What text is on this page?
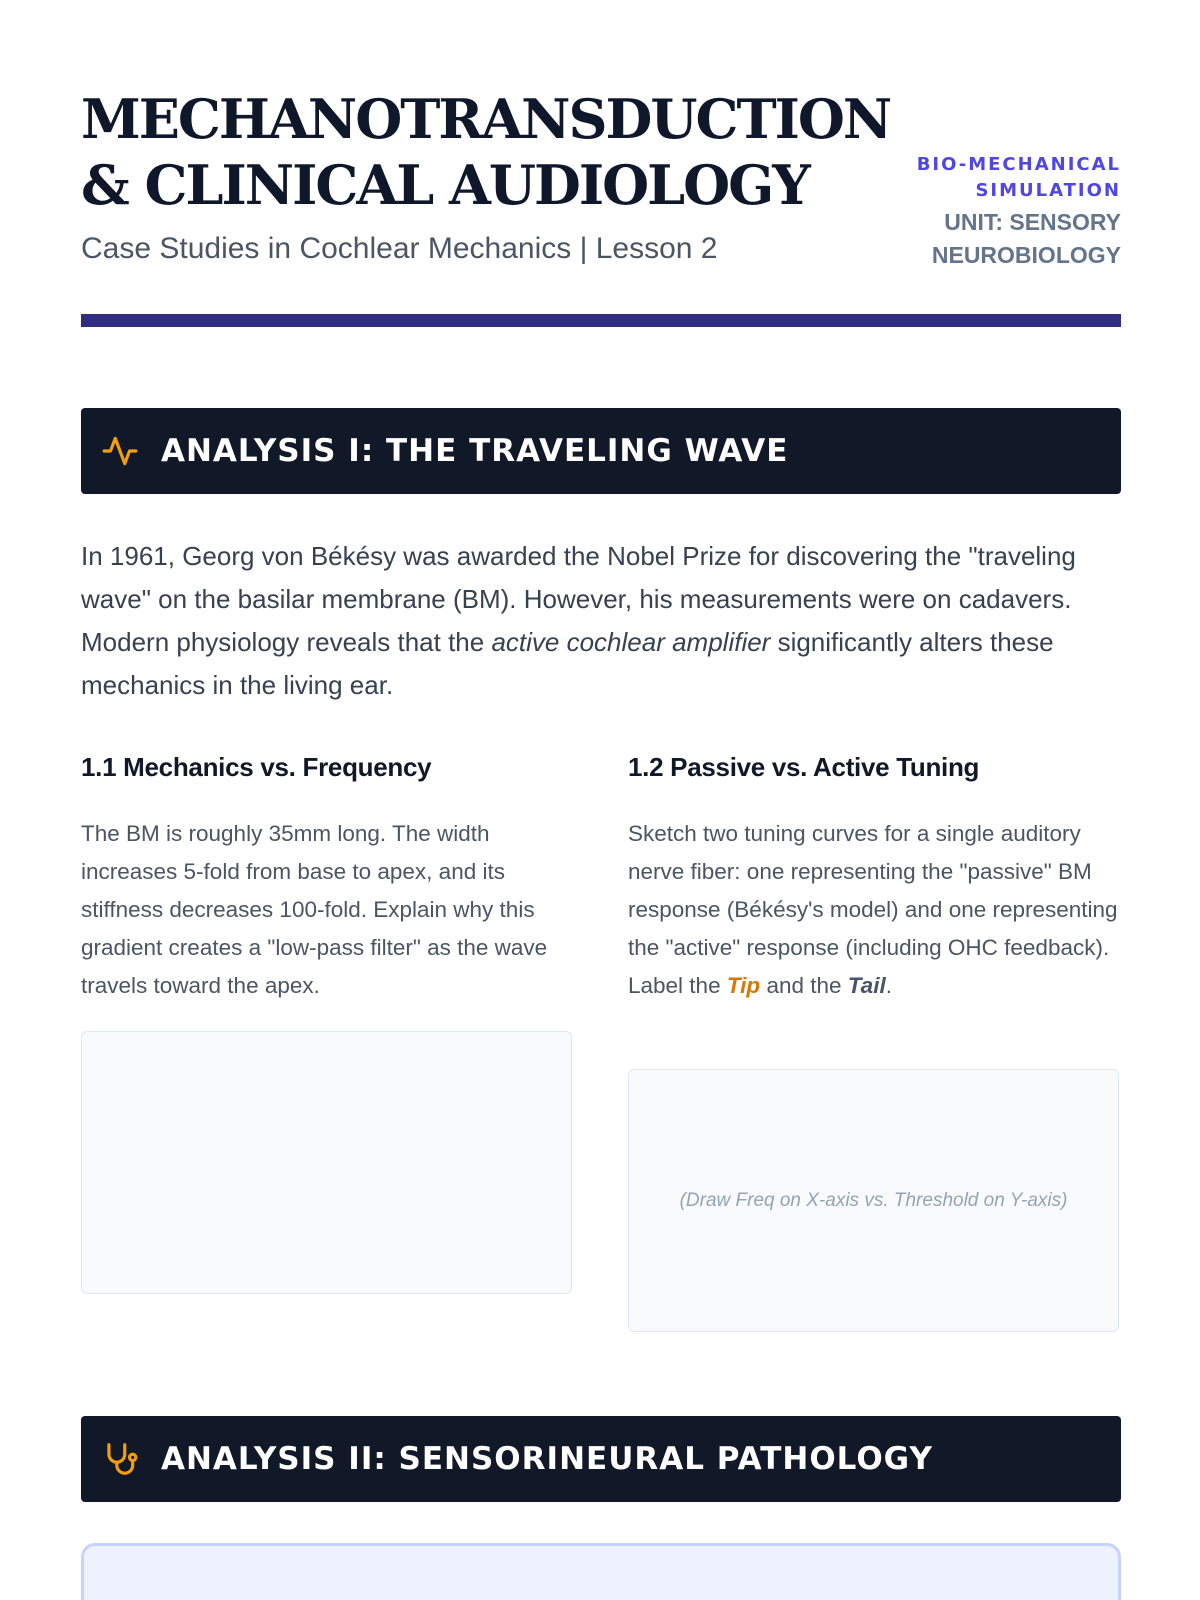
MECHANOTRANSDUCTION
& CLINICAL AUDIOLOGY

Case Studies in Cochlear Mechanics | Lesson 2

BIO-MECHANICAL
SIMULATION
UNIT: SENSORY
NEUROBIOLOGY
ANALYSIS I: THE TRAVELING WAVE

In 1961, Georg von Békésy was awarded the Nobel Prize for discovering the "traveling wave" on the basilar membrane (BM). However, his measurements were on cadavers. Modern physiology reveals that the active cochlear amplifier significantly alters these mechanics in the living ear.

1.1 Mechanics vs. Frequency

The BM is roughly 35mm long. The width increases 5-fold from base to apex, and its stiffness decreases 100-fold. Explain why this gradient creates a "low-pass filter" as the wave travels toward the apex.

1.2 Passive vs. Active Tuning

Sketch two tuning curves for a single auditory nerve fiber: one representing the "passive" BM response (Békésy's model) and one representing the "active" response (including OHC feedback). Label the Tip and the Tail.

(Draw Freq on X-axis vs. Threshold on Y-axis)
ANALYSIS II: SENSORINEURAL PATHOLOGY
